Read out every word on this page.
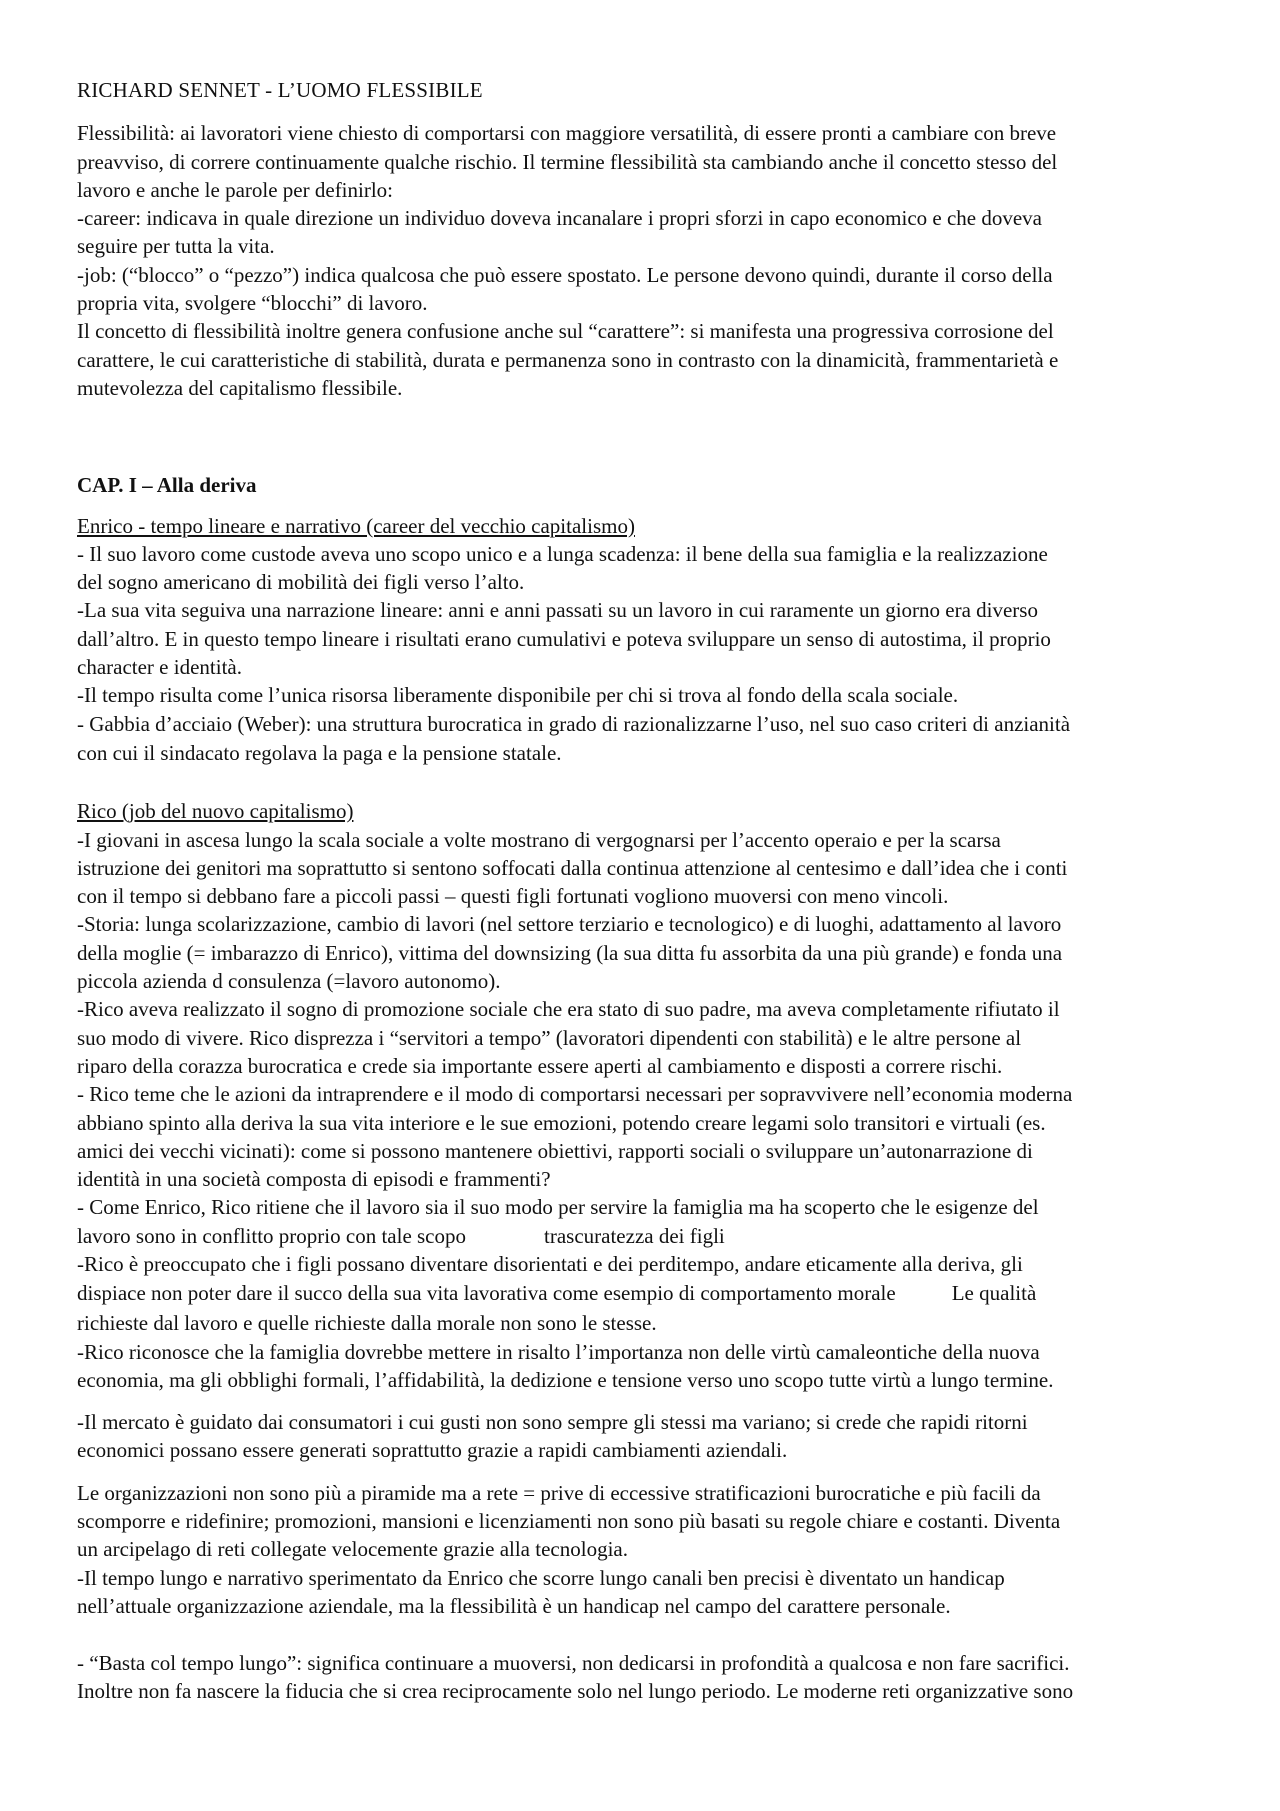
RICHARD SENNET - L’UOMO FLESSIBILE
Flessibilità: ai lavoratori viene chiesto di comportarsi con maggiore versatilità, di essere pronti a cambiare con breve
preavviso, di correre continuamente qualche rischio. Il termine flessibilità sta cambiando anche il concetto stesso del
lavoro e anche le parole per definirlo:
-career: indicava in quale direzione un individuo doveva incanalare i propri sforzi in capo economico e che doveva
seguire per tutta la vita.
-job: (“blocco” o “pezzo”) indica qualcosa che può essere spostato. Le persone devono quindi, durante il corso della
propria vita, svolgere “blocchi” di lavoro.
Il concetto di flessibilità inoltre genera confusione anche sul “carattere”: si manifesta una progressiva corrosione del
carattere, le cui caratteristiche di stabilità, durata e permanenza sono in contrasto con la dinamicità, frammentarietà e
mutevolezza del capitalismo flessibile.
CAP. I – Alla deriva
Enrico - tempo lineare e narrativo (career del vecchio capitalismo)
- Il suo lavoro come custode aveva uno scopo unico e a lunga scadenza: il bene della sua famiglia e la realizzazione
del sogno americano di mobilità dei figli verso l’alto.
-La sua vita seguiva una narrazione lineare: anni e anni passati su un lavoro in cui raramente un giorno era diverso
dall’altro. E in questo tempo lineare i risultati erano cumulativi e poteva sviluppare un senso di autostima, il proprio
character e identità.
-Il tempo risulta come l’unica risorsa liberamente disponibile per chi si trova al fondo della scala sociale.
- Gabbia d’acciaio (Weber): una struttura burocratica in grado di razionalizzarne l’uso, nel suo caso criteri di anzianità
con cui il sindacato regolava la paga e la pensione statale.
Rico (job del nuovo capitalismo)
-I giovani in ascesa lungo la scala sociale a volte mostrano di vergognarsi per l’accento operaio e per la scarsa
istruzione dei genitori ma soprattutto si sentono soffocati dalla continua attenzione al centesimo e dall’idea che i conti
con il tempo si debbano fare a piccoli passi – questi figli fortunati vogliono muoversi con meno vincoli.
-Storia: lunga scolarizzazione, cambio di lavori (nel settore terziario e tecnologico) e di luoghi, adattamento al lavoro
della moglie (= imbarazzo di Enrico), vittima del downsizing (la sua ditta fu assorbita da una più grande) e fonda una
piccola azienda d consulenza (=lavoro autonomo).
-Rico aveva realizzato il sogno di promozione sociale che era stato di suo padre, ma aveva completamente rifiutato il
suo modo di vivere. Rico disprezza i “servitori a tempo” (lavoratori dipendenti con stabilità) e le altre persone al
riparo della corazza burocratica e crede sia importante essere aperti al cambiamento e disposti a correre rischi.
- Rico teme che le azioni da intraprendere e il modo di comportarsi necessari per sopravvivere nell’economia moderna
abbiano spinto alla deriva la sua vita interiore e le sue emozioni, potendo creare legami solo transitori e virtuali (es.
amici dei vecchi vicinati): come si possono mantenere obiettivi, rapporti sociali o sviluppare un’autonarrazione di
identità in una società composta di episodi e frammenti?
- Come Enrico, Rico ritiene che il lavoro sia il suo modo per servire la famiglia ma ha scoperto che le esigenze del
lavoro sono in conflitto proprio con tale scopo	trascuratezza dei figli
-Rico è preoccupato che i figli possano diventare disorientati e dei perditempo, andare eticamente alla deriva, gli
dispiace non poter dare il succo della sua vita lavorativa come esempio di comportamento morale	Le qualità
richieste dal lavoro e quelle richieste dalla morale non sono le stesse.
-Rico riconosce che la famiglia dovrebbe mettere in risalto l’importanza non delle virtù camaleontiche della nuova
economia, ma gli obblighi formali, l’affidabilità, la dedizione e tensione verso uno scopo tutte virtù a lungo termine.
-Il mercato è guidato dai consumatori i cui gusti non sono sempre gli stessi ma variano; si crede che rapidi ritorni
economici possano essere generati soprattutto grazie a rapidi cambiamenti aziendali.
Le organizzazioni non sono più a piramide ma a rete = prive di eccessive stratificazioni burocratiche e più facili da
scomporre e ridefinire; promozioni, mansioni e licenziamenti non sono più basati su regole chiare e costanti. Diventa
un arcipelago di reti collegate velocemente grazie alla tecnologia.
-Il tempo lungo e narrativo sperimentato da Enrico che scorre lungo canali ben precisi è diventato un handicap
nell’attuale organizzazione aziendale, ma la flessibilità è un handicap nel campo del carattere personale.
- “Basta col tempo lungo”: significa continuare a muoversi, non dedicarsi in profondità a qualcosa e non fare sacrifici.
Inoltre non fa nascere la fiducia che si crea reciprocamente solo nel lungo periodo. Le moderne reti organizzative sono
